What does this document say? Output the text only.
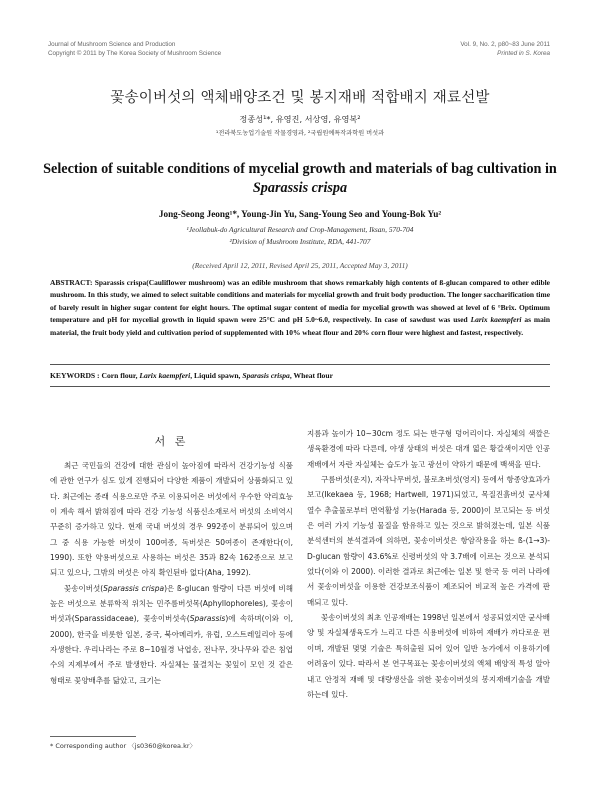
Journal of Mushroom Science and Production
Copyright © 2011 by The Korea Society of Mushroom Science
Vol. 9, No. 2, p80~83 June 2011
Printed in S. Korea
꽃송이버섯의 액체배양조건 및 봉지재배 적합배지 재료선발
정종성¹*, 유영진, 서상영, 유영복²
¹전라북도농업기술원 작물경영과, ²국립원예특작과학원 버섯과
Selection of suitable conditions of mycelial growth and materials of bag cultivation in
Sparassis crispa
Jong-Seong Jeong¹*, Young-Jin Yu, Sang-Young Seo and Young-Bok Yu²
¹Jeollabuk-do Agricultural Research and Crop-Management, Iksan, 570-704
²Division of Mushroom Institute, RDA, 441-707
(Received April 12, 2011, Revised April 25, 2011, Accepted May 3, 2011)
ABSTRACT: Sparassis crispa(Cauliflower mushroom) was an edible mushroom that shows remarkably high contents of ß-glucan compared to other edible mushroom. In this study, we aimed to select suitable conditions and materials for mycelial growth and fruit body production. The longer saccharification time of barely result in higher sugar content for eight hours. The optimal sugar content of media for mycelial growth was showed at level of 6 °Brix. Optimum temperature and pH for mycelial growth in liquid spawn were 25°C and pH 5.0~6.0, respectively. In case of sawdust was used Larix kaempferi as main material, the fruit body yield and cultivation period of supplemented with 10% wheat flour and 20% corn flour were highest and fastest, respectively.
KEYWORDS : Corn flour, Larix kaempferi, Liquid spawn, Sparasis crispa, Wheat flour
서 론

최근 국민들의 건강에 대한 관심이 높아짐에 따라서 건강기능성 식품에 관한 연구가 심도 있게 진행되어 다양한 제품이 개발되어 상품화되고 있다. 최근에는 종래 식용으로만 주로 이용되어온 버섯에서 우수한 약리효능이 계속 해서 밝혀짐에 따라 건강 기능성 식품신소재로서 버섯의 소비역시 꾸준히 증가하고 있다. 현재 국내 버섯의 경우 992종이 분류되어 있으며 그 중 식용 가능한 버섯이 100여종, 독버섯은 50여종이 존재한다(이, 1990). 또한 약용버섯으로 사용하는 버섯은 35과 82속 162종으로 보고되고 있으나, 그밖의 버섯은 아직 확인된바 없다(Aha, 1992).

꽃송이버섯(Sparassis crispa)은 ß-glucan 함량이 다른 버섯에 비해 높은 버섯으로 분류학적 위치는 민주름버섯목(Aphyllophoreles), 꽃송이버섯과(Sparassidaceae), 꽃송이버섯속(Sparassis)에 속하며(이와 이, 2000), 한국을 비롯한 일본, 중국, 북아메리카, 유럽, 오스트레일리아 등에 자생한다. 우리나라는 주로 8~10월경 낙엽송, 전나무, 잣나무와 같은 침엽수의 지제부에서 주로 발생한다. 자실체는 물결치는 꽃잎이 모인 것 같은 형태로 꽃양배추를 닮았고, 크기는

지름과 높이가 10~30cm 정도 되는 반구형 덩어리이다. 자실체의 색깔은 생육환경에 따라 다른데, 야생 상태의 버섯은 대개 엷은 황갈색이지만 인공재배에서 자란 자실체는 습도가 높고 광선이 약하기 때문에 백색을 띤다.

구름버섯(운지), 자작나무버섯, 불로초버섯(영지) 등에서 항종양효과가 보고(Ikekaea 등, 1968; Hartwell, 1971)되었고, 목질진흙버섯 균사체 열수 추출물로부터 면역활성 기능(Harada 등, 2000)이 보고되는 등 버섯은 여러 가지 기능성 물질을 함유하고 있는 것으로 밝혀졌는데, 일본 식품분석센터의 분석결과에 의하면, 꽃송이버섯은 항암작용을 하는 ß-(1→3)-D-glucan 함량이 43.6%로 신령버섯의 약 3.7배에 이르는 것으로 분석되었다(이와 이 2000). 이러한 결과로 최근에는 일본 및 한국 등 여러 나라에서 꽃송이버섯을 이용한 건강보조식품이 제조되어 비교적 높은 가격에 판매되고 있다.

꽃송이버섯의 최초 인공재배는 1998년 일본에서 성공되었지만 균사배양 및 자실체생육도가 느리고 다른 식용버섯에 비하여 재배가 까다로운 편이며, 개발된 몇몇 기술은 특허출원 되어 있어 일반 농가에서 이용하기에 어려움이 있다. 따라서 본 연구목표는 꽃송이버섯의 액체 배양적 특성 알아내고 안정적 재배 및 대량생산을 위한 꽃송이버섯의 봉지재배기술을 개발하는데 있다.

* Corresponding author 〈js0360@korea.kr〉
